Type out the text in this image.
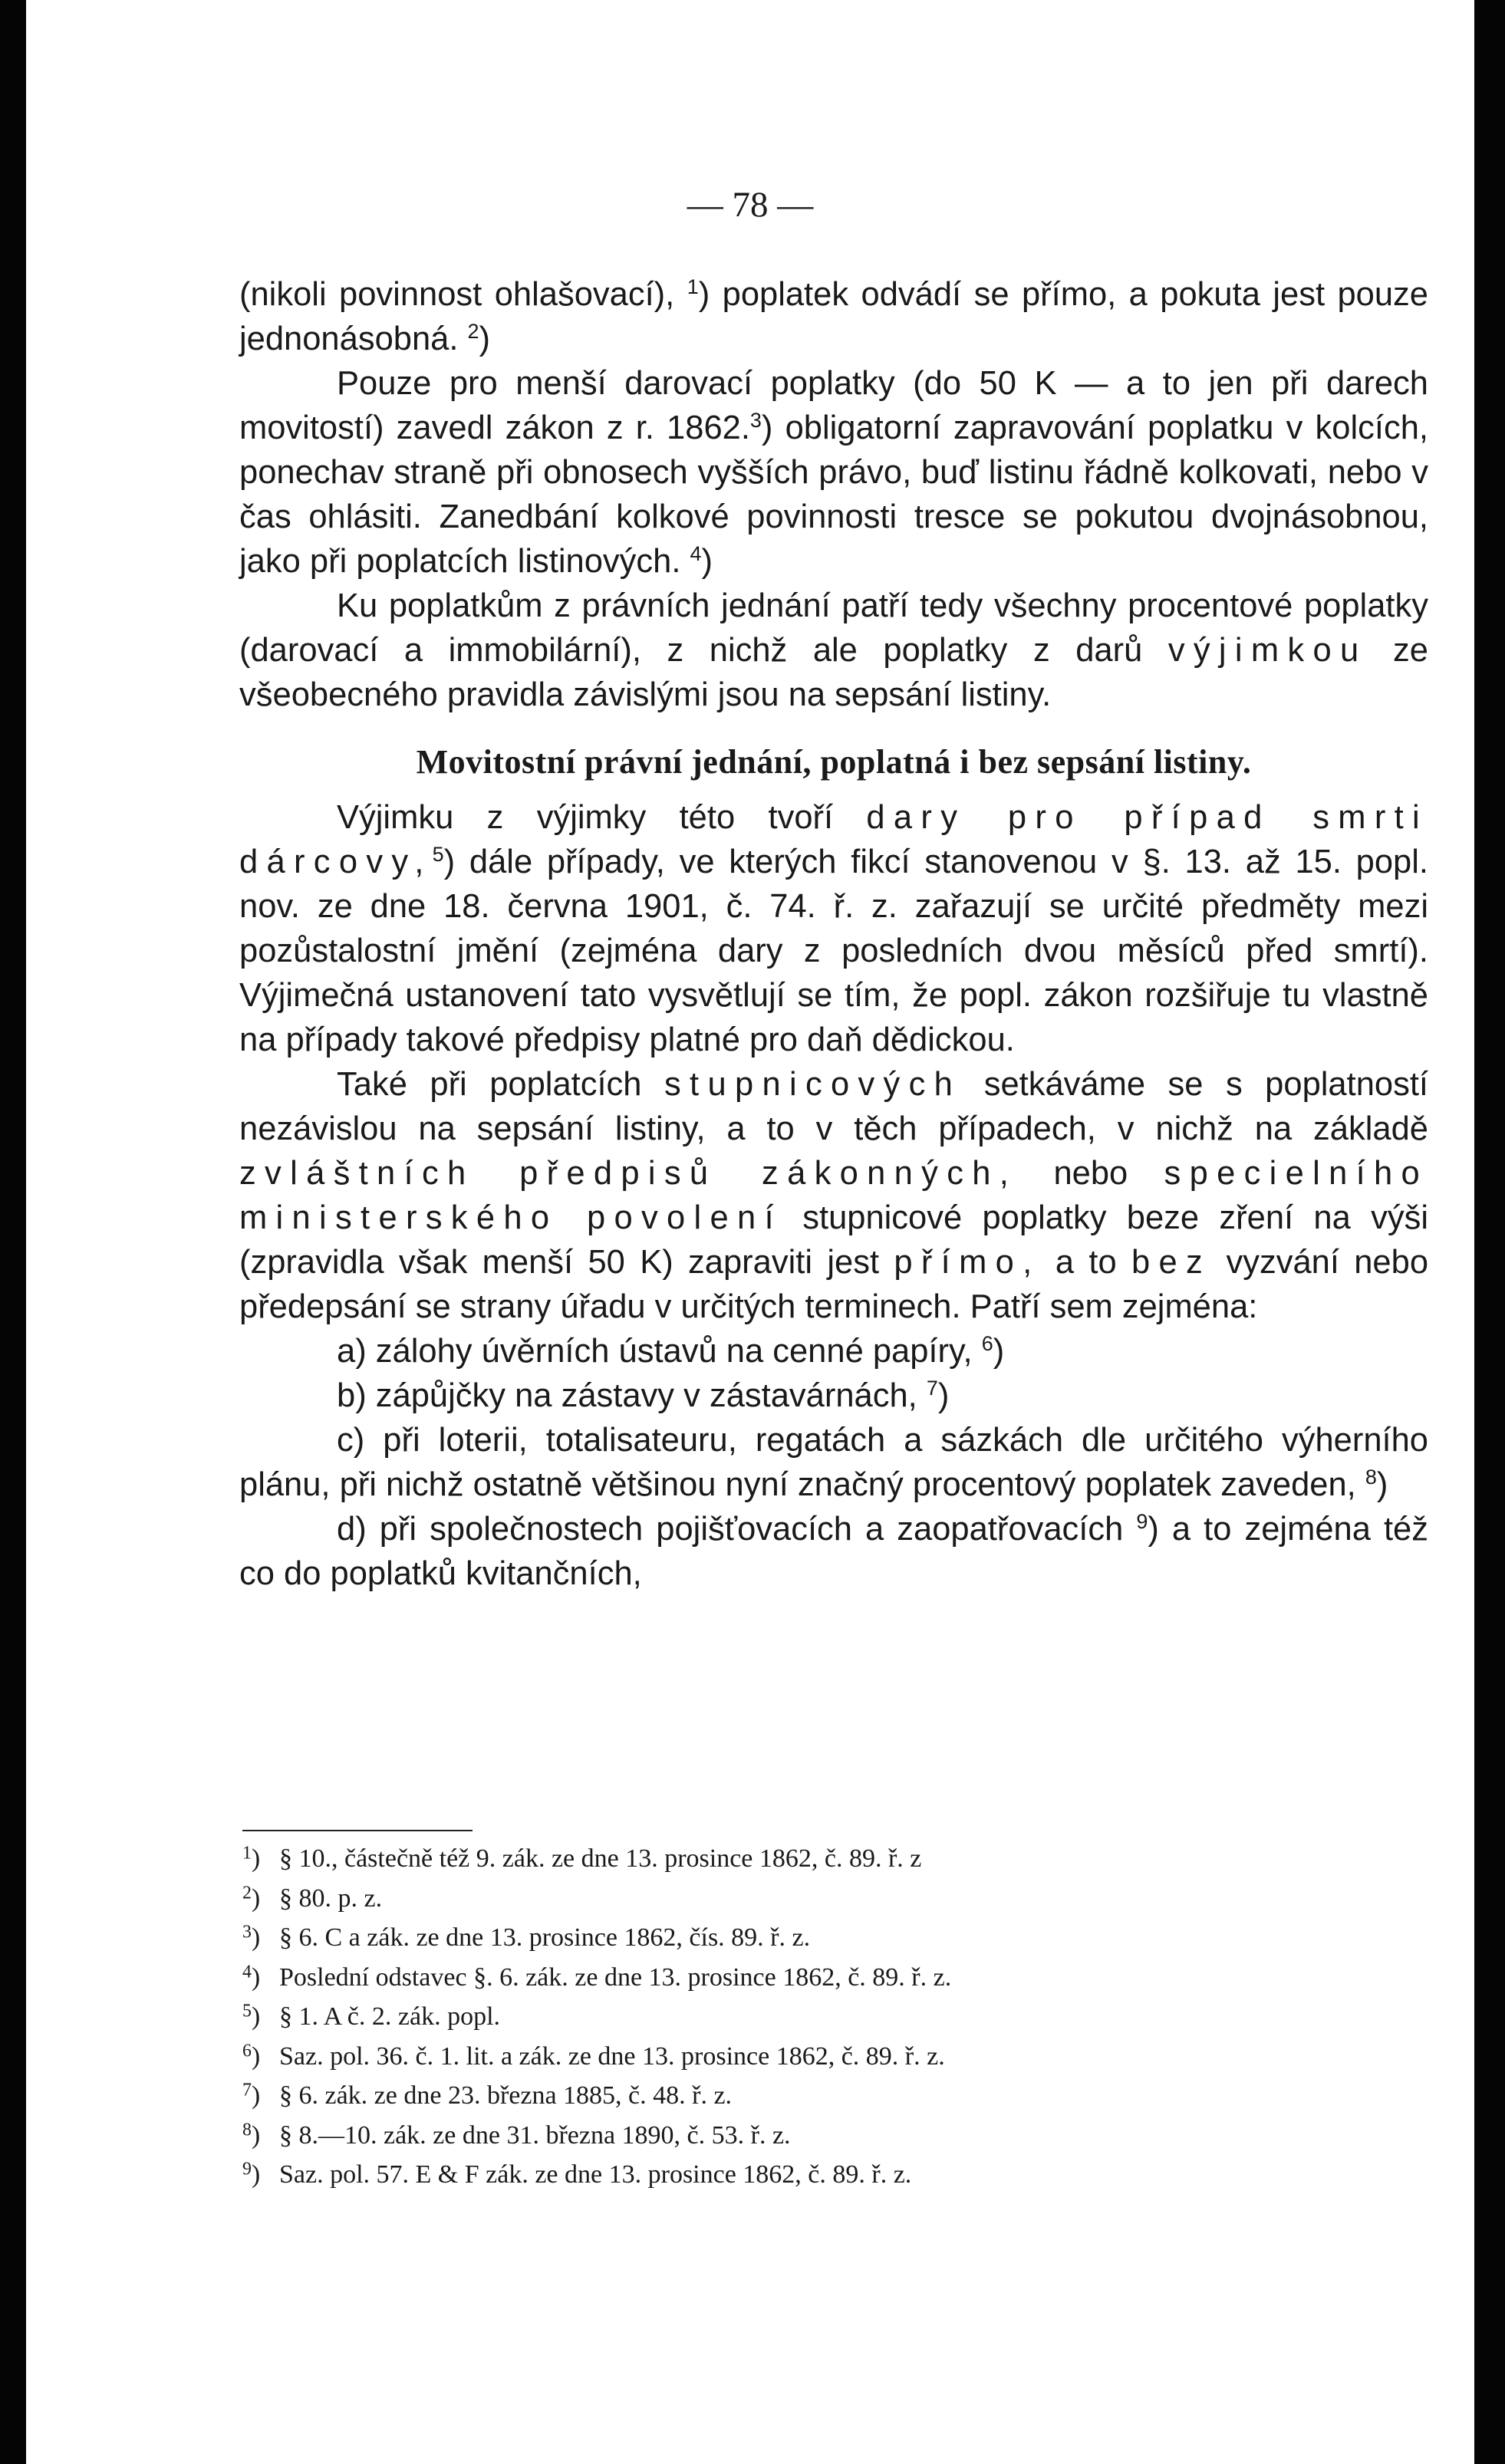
— 78 —

(nikoli povinnost ohlašovací), $^1$) poplatek odvádí se přímo, a pokuta jest pouze jednonásobná. $^2$)

Pouze pro menší darovací poplatky (do 50 K — a to jen při darech movitostí) zavedl zákon z r. 1862.$^3$) obligatorní zapravování poplatku v kolcích, ponechav straně při obnosech vyšších právo, buď listinu řádně kolkovati, nebo v čas ohlásiti. Zanedbání kolkové povinnosti tresce se pokutou dvojnásobnou, jako při poplatcích listinových. $^4$)

Ku poplatkům z právních jednání patří tedy všechny procentové poplatky (darovací a immobilární), z nichž ale poplatky z darů výjimkou ze všeobecného pravidla závislými jsou na sepsání listiny.

Movitostní právní jednání, poplatná i bez sepsání listiny.

Výjimku z výjimky této tvoří dary pro případ smrti dárcovy,$^5$) dále případy, ve kterých fikcí stanovenou v §. 13. až 15. popl. nov. ze dne 18. června 1901, č. 74. ř. z. zařazují se určité předměty mezi pozůstalostní jmění (zejména dary z posledních dvou měsíců před smrtí). Výjimečná ustanovení tato vysvětlují se tím, že popl. zákon rozšiřuje tu vlastně na případy takové předpisy platné pro daň dědickou.

Také při poplatcích stupnicových setkáváme se s poplatností nezávislou na sepsání listiny, a to v těch případech, v nichž na základě zvláštních předpisů zákonných, nebo specielního ministerského povolení stupnicové poplatky beze zření na výši (zpravidla však menší 50 K) zapraviti jest přímo, a to bez vyzvání nebo předepsání se strany úřadu v určitých terminech. Patří sem zejména:

a) zálohy úvěrních ústavů na cenné papíry, $^6$)

b) zápůjčky na zástavy v zástavárnách, $^7$)

c) při loterii, totalisateuru, regatách a sázkách dle určitého výherního plánu, při nichž ostatně většinou nyní značný procentový poplatek zaveden, $^8$)

d) při společnostech pojišťovacích a zaopatřovacích $^9$) a to zejména též co do poplatků kvitančních,

$^1$) § 10., částečně též 9. zák. ze dne 13. prosince 1862, č. 89. ř. z
$^2$) § 80. p. z.
$^3$) § 6. C a zák. ze dne 13. prosince 1862, čís. 89. ř. z.
$^4$) Poslední odstavec §. 6. zák. ze dne 13. prosince 1862, č. 89. ř. z.
$^5$) § 1. A č. 2. zák. popl.
$^6$) Saz. pol. 36. č. 1. lit. a zák. ze dne 13. prosince 1862, č. 89. ř. z.
$^7$) § 6. zák. ze dne 23. března 1885, č. 48. ř. z.
$^8$) § 8.—10. zák. ze dne 31. března 1890, č. 53. ř. z.
$^9$) Saz. pol. 57. E & F zák. ze dne 13. prosince 1862, č. 89. ř. z.
